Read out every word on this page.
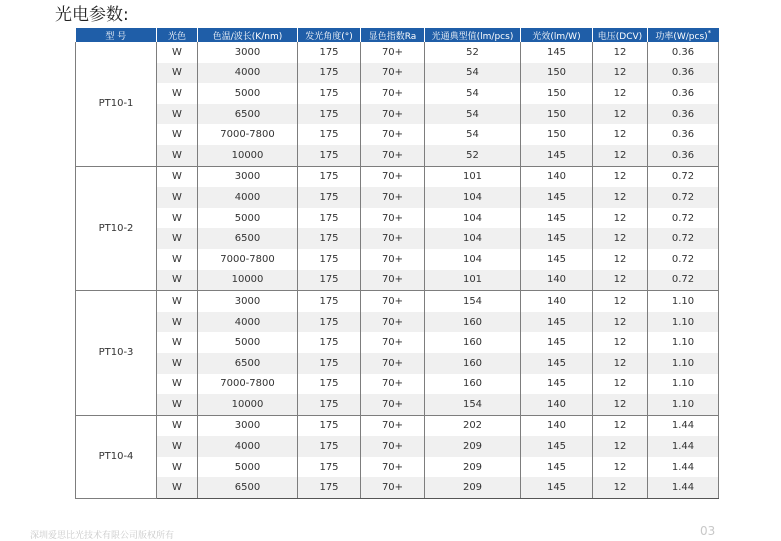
光电参数:
型 号	光色	色温/波长(K/nm)	发光角度(°)	显色指数Ra	光通典型值(lm/pcs)	光效(lm/W)	电压(DCV)	功率(W/pcs)*
PT10-1	W	3000	175	70+	52	145	12	0.36
	W	4000	175	70+	54	150	12	0.36
	W	5000	175	70+	54	150	12	0.36
	W	6500	175	70+	54	150	12	0.36
	W	7000-7800	175	70+	54	150	12	0.36
	W	10000	175	70+	52	145	12	0.36
PT10-2	W	3000	175	70+	101	140	12	0.72
	W	4000	175	70+	104	145	12	0.72
	W	5000	175	70+	104	145	12	0.72
	W	6500	175	70+	104	145	12	0.72
	W	7000-7800	175	70+	104	145	12	0.72
	W	10000	175	70+	101	140	12	0.72
PT10-3	W	3000	175	70+	154	140	12	1.10
	W	4000	175	70+	160	145	12	1.10
	W	5000	175	70+	160	145	12	1.10
	W	6500	175	70+	160	145	12	1.10
	W	7000-7800	175	70+	160	145	12	1.10
	W	10000	175	70+	154	140	12	1.10
PT10-4	W	3000	175	70+	202	140	12	1.44
	W	4000	175	70+	209	145	12	1.44
	W	5000	175	70+	209	145	12	1.44
	W	6500	175	70+	209	145	12	1.44
深圳爱思比光技术有限公司版权所有	03
